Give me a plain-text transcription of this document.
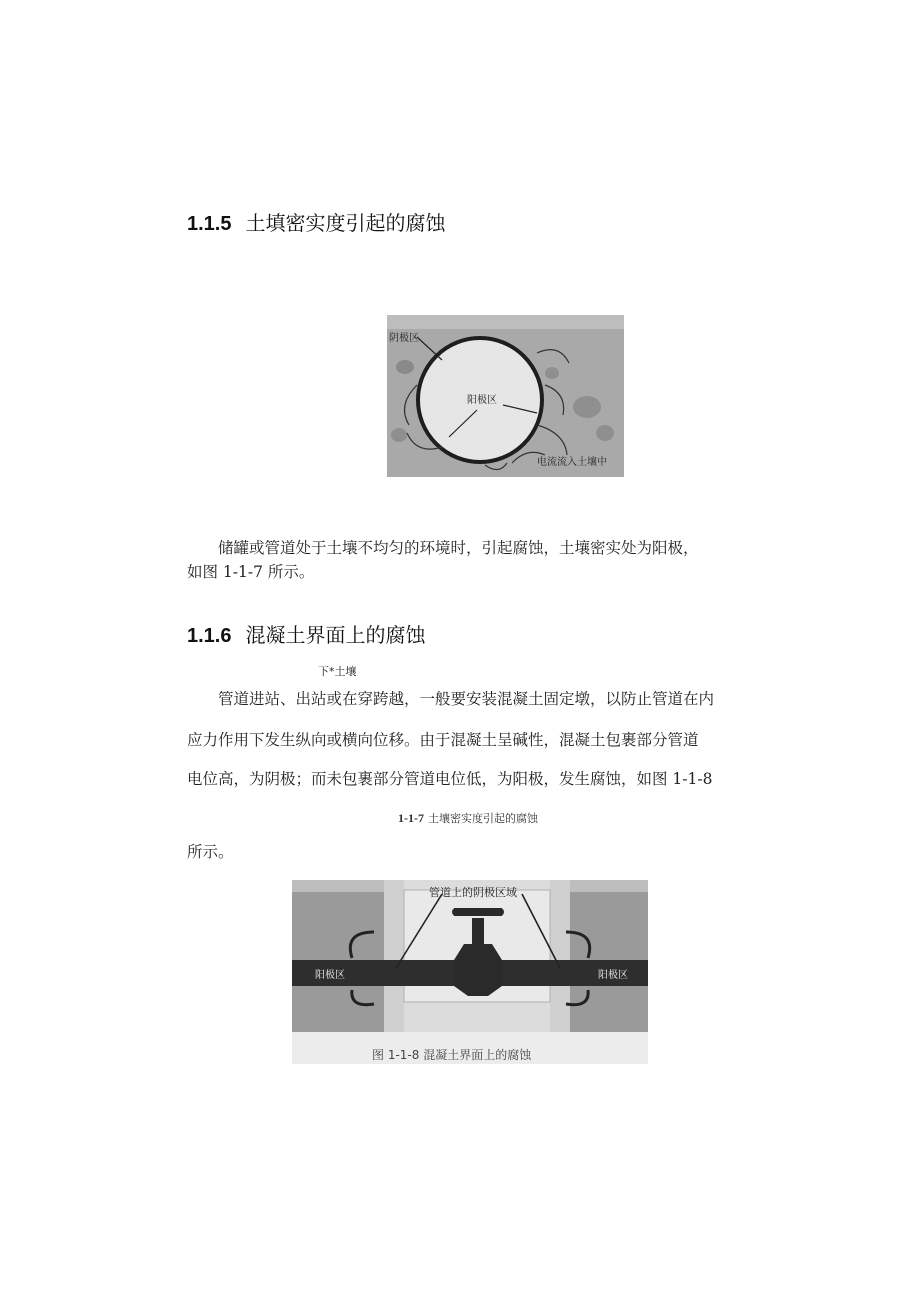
1.1.5 土填密实度引起的腐蚀
阴极区
阳极区
电流流入土壤中
储罐或管道处于土壤不均匀的环境时，引起腐蚀，土壤密实处为阳极，
如图 1-1-7 所示。
1.1.6 混凝土界面上的腐蚀
下*土壤
管道进站、出站或在穿跨越，一般要安装混凝土固定墩，以防止管道在内
应力作用下发生纵向或横向位移。由于混凝土呈碱性，混凝土包裹部分管道
电位高，为阴极；而未包裹部分管道电位低，为阳极，发生腐蚀，如图 1-1-8
1-1-7 土壤密实度引起的腐蚀
所示。
管道上的阴极区域
阳极区	阳极区
图 1-1-8 混凝土界面上的腐蚀
